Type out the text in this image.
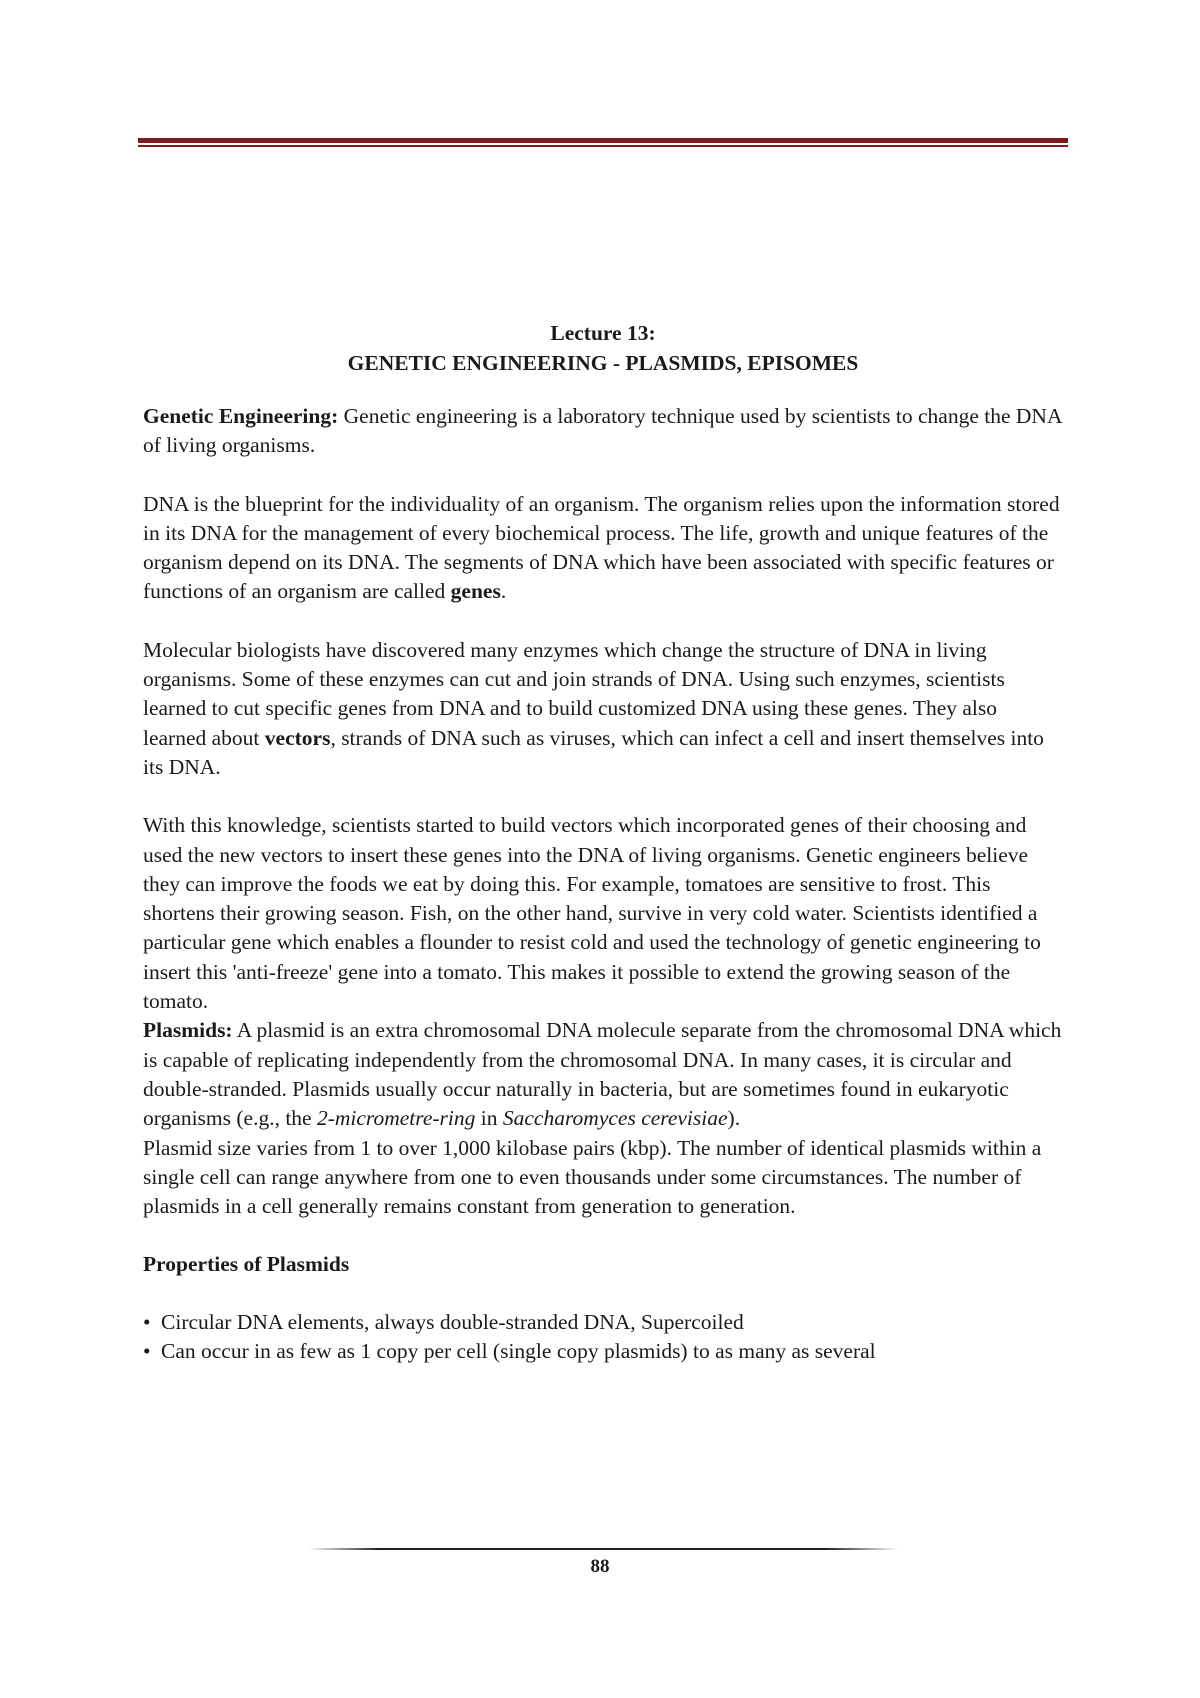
Lecture 13:
GENETIC ENGINEERING - PLASMIDS, EPISOMES

Genetic Engineering: Genetic engineering is a laboratory technique used by scientists to change the DNA of living organisms.

DNA is the blueprint for the individuality of an organism. The organism relies upon the information stored in its DNA for the management of every biochemical process. The life, growth and unique features of the organism depend on its DNA. The segments of DNA which have been associated with specific features or functions of an organism are called genes.

Molecular biologists have discovered many enzymes which change the structure of DNA in living organisms. Some of these enzymes can cut and join strands of DNA. Using such enzymes, scientists learned to cut specific genes from DNA and to build customized DNA using these genes. They also learned about vectors, strands of DNA such as viruses, which can infect a cell and insert themselves into its DNA.

With this knowledge, scientists started to build vectors which incorporated genes of their choosing and used the new vectors to insert these genes into the DNA of living organisms. Genetic engineers believe they can improve the foods we eat by doing this. For example, tomatoes are sensitive to frost. This shortens their growing season. Fish, on the other hand, survive in very cold water. Scientists identified a particular gene which enables a flounder to resist cold and used the technology of genetic engineering to insert this 'anti-freeze' gene into a tomato. This makes it possible to extend the growing season of the tomato.

Plasmids: A plasmid is an extra chromosomal DNA molecule separate from the chromosomal DNA which is capable of replicating independently from the chromosomal DNA. In many cases, it is circular and double-stranded. Plasmids usually occur naturally in bacteria, but are sometimes found in eukaryotic organisms (e.g., the 2-micrometre-ring in Saccharomyces cerevisiae).

Plasmid size varies from 1 to over 1,000 kilobase pairs (kbp). The number of identical plasmids within a single cell can range anywhere from one to even thousands under some circumstances. The number of plasmids in a cell generally remains constant from generation to generation.

Properties of Plasmids
• Circular DNA elements, always double-stranded DNA, Supercoiled
• Can occur in as few as 1 copy per cell (single copy plasmids) to as many as several
88
